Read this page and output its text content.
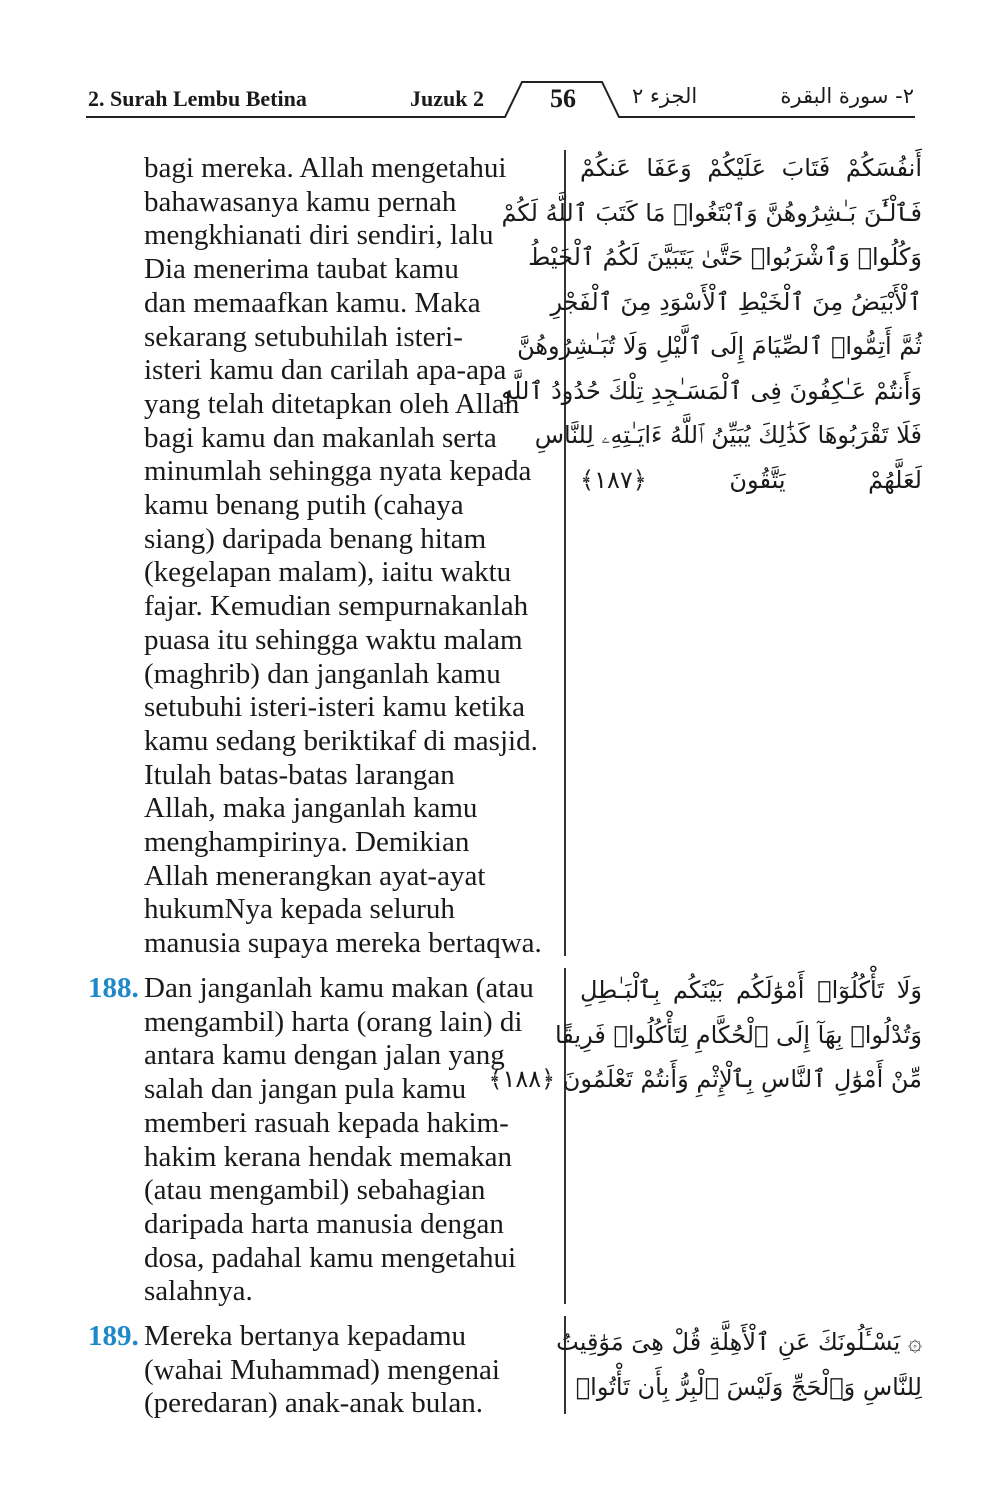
2. Surah Lembu Betina	Juzuk 2	56	الجزء ٢	٢- سورة البقرة
bagi mereka. Allah mengetahui
bahawasanya kamu pernah
mengkhianati diri sendiri, lalu
Dia menerima taubat kamu
dan memaafkan kamu. Maka
sekarang setubuhilah isteri-
isteri kamu dan carilah apa-apa
yang telah ditetapkan oleh Allah
bagi kamu dan makanlah serta
minumlah sehingga nyata kepada
kamu benang putih (cahaya
siang) daripada benang hitam
(kegelapan malam), iaitu waktu
fajar. Kemudian sempurnakanlah
puasa itu sehingga waktu malam
(maghrib) dan janganlah kamu
setubuhi isteri-isteri kamu ketika
kamu sedang beriktikaf di masjid.
Itulah batas-batas larangan
Allah, maka janganlah kamu
menghampirinya. Demikian
Allah menerangkan ayat-ayat
hukumNya kepada seluruh
manusia supaya mereka bertaqwa.
أَنفُسَكُمْ فَتَابَ عَلَيْكُمْ وَعَفَا عَنكُمْ
فَٱلْـَٰٔنَ بَـٰشِرُوهُنَّ وَٱبْتَغُوا۟ مَا كَتَبَ ٱللَّهُ لَكُمْ
وَكُلُوا۟ وَٱشْرَبُوا۟ حَتَّىٰ يَتَبَيَّنَ لَكُمُ ٱلْخَيْطُ
ٱلْأَبْيَضُ مِنَ ٱلْخَيْطِ ٱلْأَسْوَدِ مِنَ ٱلْفَجْرِ
ثُمَّ أَتِمُّوا۟ ٱلصِّيَامَ إِلَى ٱلَّيْلِ وَلَا تُبَـٰشِرُوهُنَّ
وَأَنتُمْ عَـٰكِفُونَ فِى ٱلْمَسَـٰجِدِ تِلْكَ حُدُودُ ٱللَّهِ
فَلَا تَقْرَبُوهَا كَذَٰلِكَ يُبَيِّنُ ٱللَّهُ ءَايَـٰتِهِۦ لِلنَّاسِ
لَعَلَّهُمْ يَتَّقُونَ ﴿١٨٧﴾
188. Dan janganlah kamu makan (atau
mengambil) harta (orang lain) di
antara kamu dengan jalan yang
salah dan jangan pula kamu
memberi rasuah kepada hakim-
hakim kerana hendak memakan
(atau mengambil) sebahagian
daripada harta manusia dengan
dosa, padahal kamu mengetahui
salahnya.
وَلَا تَأْكُلُوٓا۟ أَمْوَٰلَكُم بَيْنَكُم بِٱلْبَـٰطِلِ
وَتُدْلُوا۟ بِهَآ إِلَى ٱلْحُكَّامِ لِتَأْكُلُوا۟ فَرِيقًا
مِّنْ أَمْوَٰلِ ٱلنَّاسِ بِٱلْإِثْمِ وَأَنتُمْ تَعْلَمُونَ ﴿١٨٨﴾
189. Mereka bertanya kepadamu
(wahai Muhammad) mengenai
(peredaran) anak-anak bulan.
۞ يَسْـَٔلُونَكَ عَنِ ٱلْأَهِلَّةِ قُلْ هِىَ مَوَٰقِيتُ
لِلنَّاسِ وَٱلْحَجِّ وَلَيْسَ ٱلْبِرُّ بِأَن تَأْتُوا۟
